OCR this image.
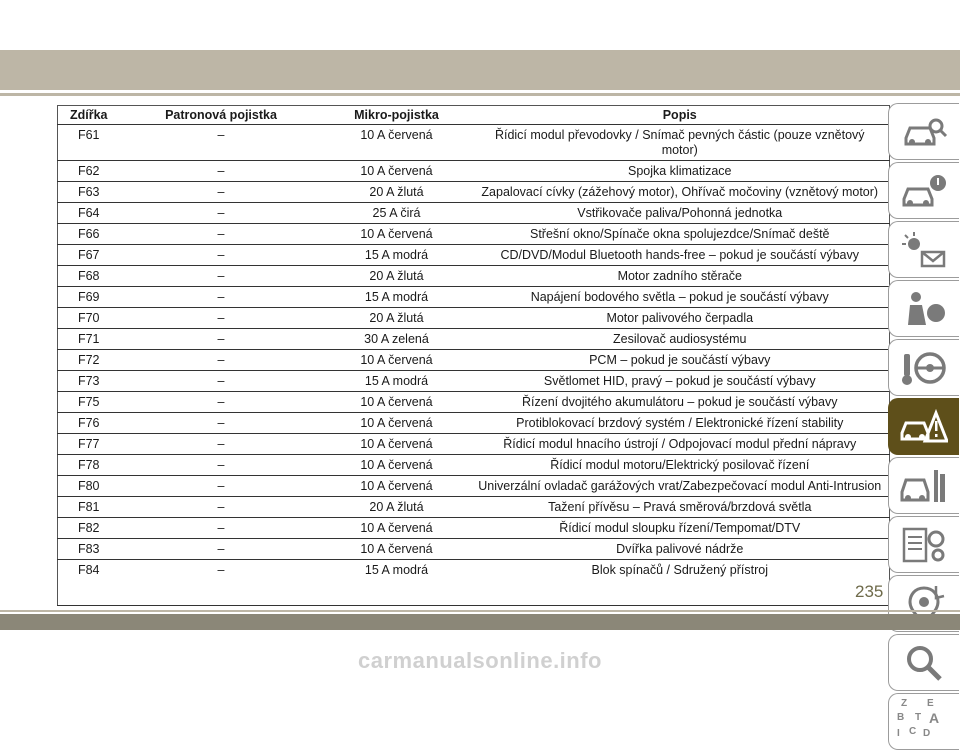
Zdířka	Patronová pojistka	Mikro-pojistka	Popis
F61	–	10 A červená	Řídicí modul převodovky / Snímač pevných částic (pouze vznětový motor)
F62	–	10 A červená	Spojka klimatizace
F63	–	20 A žlutá	Zapalovací cívky (zážehový motor), Ohřívač močoviny (vznětový motor)
F64	–	25 A čirá	Vstřikovače paliva/Pohonná jednotka
F66	–	10 A červená	Střešní okno/Spínače okna spolujezdce/Snímač deště
F67	–	15 A modrá	CD/DVD/Modul Bluetooth hands-free – pokud je součástí výbavy
F68	–	20 A žlutá	Motor zadního stěrače
F69	–	15 A modrá	Napájení bodového světla – pokud je součástí výbavy
F70	–	20 A žlutá	Motor palivového čerpadla
F71	–	30 A zelená	Zesilovač audiosystému
F72	–	10 A červená	PCM – pokud je součástí výbavy
F73	–	15 A modrá	Světlomet HID, pravý – pokud je součástí výbavy
F75	–	10 A červená	Řízení dvojitého akumulátoru – pokud je součástí výbavy
F76	–	10 A červená	Protiblokovací brzdový systém / Elektronické řízení stability
F77	–	10 A červená	Řídicí modul hnacího ústrojí / Odpojovací modul přední nápravy
F78	–	10 A červená	Řídicí modul motoru/Elektrický posilovač řízení
F80	–	10 A červená	Univerzální ovladač garážových vrat/Zabezpečovací modul Anti-Intrusion
F81	–	20 A žlutá	Tažení přívěsu – Pravá směrová/brzdová světla
F82	–	10 A červená	Řídicí modul sloupku řízení/Tempomat/DTV
F83	–	10 A červená	Dvířka palivové nádrže
F84	–	15 A modrá	Blok spínačů / Sdružený přístroj
Z E
B A
C D
I
T
235
carmanualsonline.info
